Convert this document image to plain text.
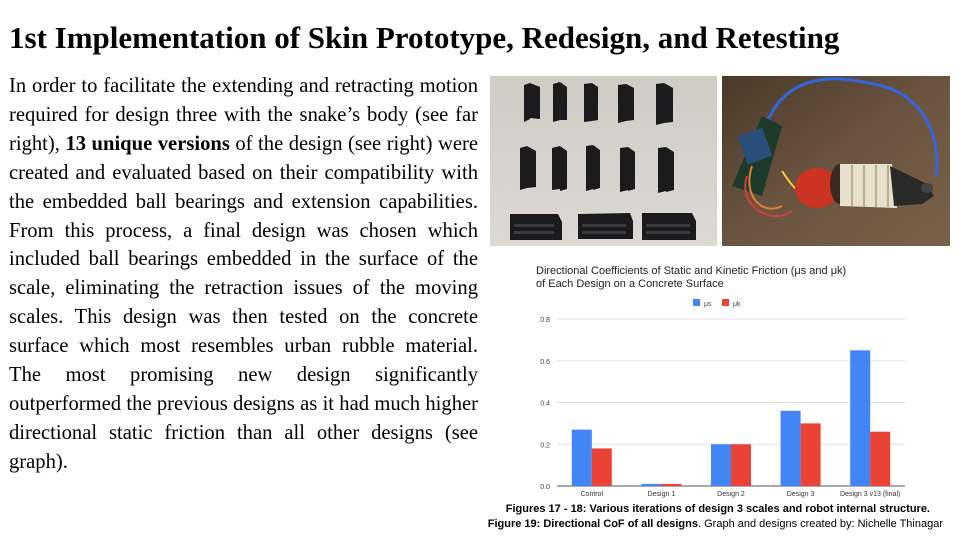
1st Implementation of Skin Prototype, Redesign, and Retesting
In order to facilitate the extending and retracting motion required for design three with the snake’s body (see far right), 13 unique versions of the design (see right) were created and evaluated based on their compatibility with the embedded ball bearings and extension capabilities. From this process, a final design was chosen which included ball bearings embedded in the surface of the scale, eliminating the retraction issues of the moving scales. This design was then tested on the concrete surface which most resembles urban rubble material. The most promising new design significantly outperformed the previous designs as it had much higher directional static friction than all other designs (see graph).
Directional Coefficients of Static and Kinetic Friction (μs and μk)
of Each Design on a Concrete Surface
μs	μk
0.0
0.2
0.4
0.6
0.8
Control	Design 1	Design 2	Design 3	Design 3 v13 (final)
Figures 17 - 18: Various iterations of design 3 scales and robot internal structure.
Figure 19: Directional CoF of all designs. Graph and designs created by: Nichelle Thinagar
